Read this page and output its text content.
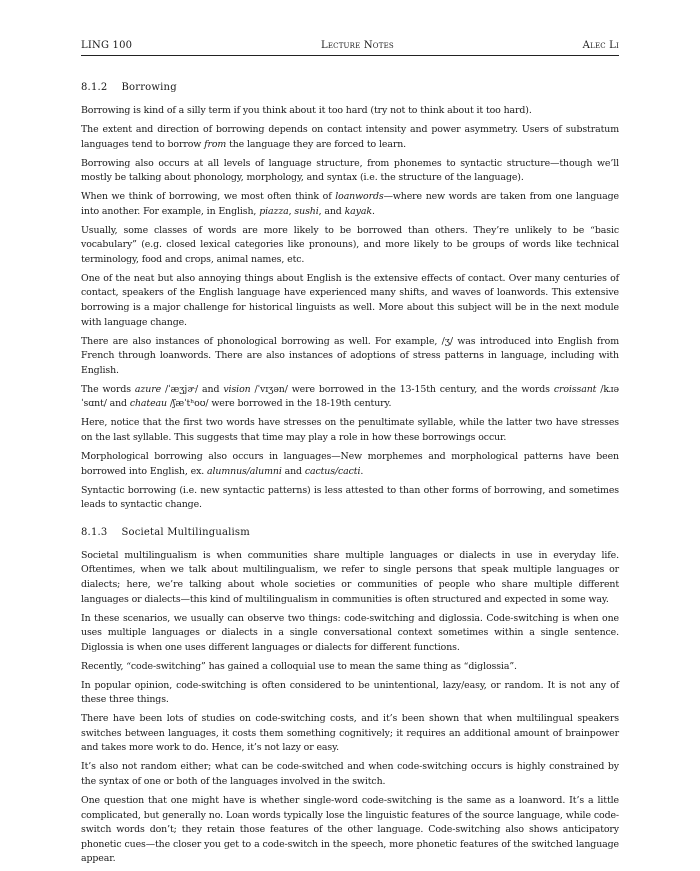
LING 100	Lecture Notes	Alec Li
8.1.2 Borrowing

Borrowing is kind of a silly term if you think about it too hard (try not to think about it too hard).

The extent and direction of borrowing depends on contact intensity and power asymmetry. Users of substratum languages tend to borrow from the language they are forced to learn.

Borrowing also occurs at all levels of language structure, from phonemes to syntactic structure—though we’ll mostly be talking about phonology, morphology, and syntax (i.e. the structure of the language).

When we think of borrowing, we most often think of loanwords—where new words are taken from one language into another. For example, in English, piazza, sushi, and kayak.

Usually, some classes of words are more likely to be borrowed than others. They’re unlikely to be “basic vocabulary” (e.g. closed lexical categories like pronouns), and more likely to be groups of words like technical terminology, food and crops, animal names, etc.

One of the neat but also annoying things about English is the extensive effects of contact. Over many centuries of contact, speakers of the English language have experienced many shifts, and waves of loanwords. This extensive borrowing is a major challenge for historical linguists as well. More about this subject will be in the next module with language change.

There are also instances of phonological borrowing as well. For example, /ʒ/ was introduced into English from French through loanwords. There are also instances of adoptions of stress patterns in language, including with English.

The words azure /ˈæʒjɚ/ and vision /ˈvɪʒən/ were borrowed in the 13-15th century, and the words croissant /kɹəˈsɑnt/ and chateau /ʃæˈtʰoʊ/ were borrowed in the 18-19th century.

Here, notice that the first two words have stresses on the penultimate syllable, while the latter two have stresses on the last syllable. This suggests that time may play a role in how these borrowings occur.

Morphological borrowing also occurs in languages—New morphemes and morphological patterns have been borrowed into English, ex. alumnus/alumni and cactus/cacti.

Syntactic borrowing (i.e. new syntactic patterns) is less attested to than other forms of borrowing, and sometimes leads to syntactic change.

8.1.3 Societal Multilingualism

Societal multilingualism is when communities share multiple languages or dialects in use in everyday life. Oftentimes, when we talk about multilingualism, we refer to single persons that speak multiple languages or dialects; here, we’re talking about whole societies or communities of people who share multiple different languages or dialects—this kind of multilingualism in communities is often structured and expected in some way.

In these scenarios, we usually can observe two things: code-switching and diglossia. Code-switching is when one uses multiple languages or dialects in a single conversational context sometimes within a single sentence. Diglossia is when one uses different languages or dialects for different functions.

Recently, “code-switching” has gained a colloquial use to mean the same thing as “diglossia”.

In popular opinion, code-switching is often considered to be unintentional, lazy/easy, or random. It is not any of these three things.

There have been lots of studies on code-switching costs, and it’s been shown that when multilingual speakers switches between languages, it costs them something cognitively; it requires an additional amount of brainpower and takes more work to do. Hence, it’s not lazy or easy.

It’s also not random either; what can be code-switched and when code-switching occurs is highly constrained by the syntax of one or both of the languages involved in the switch.

One question that one might have is whether single-word code-switching is the same as a loanword. It’s a little complicated, but generally no. Loan words typically lose the linguistic features of the source language, while code-switch words don’t; they retain those features of the other language. Code-switching also shows anticipatory phonetic cues—the closer you get to a code-switch in the speech, more phonetic features of the switched language appear.
